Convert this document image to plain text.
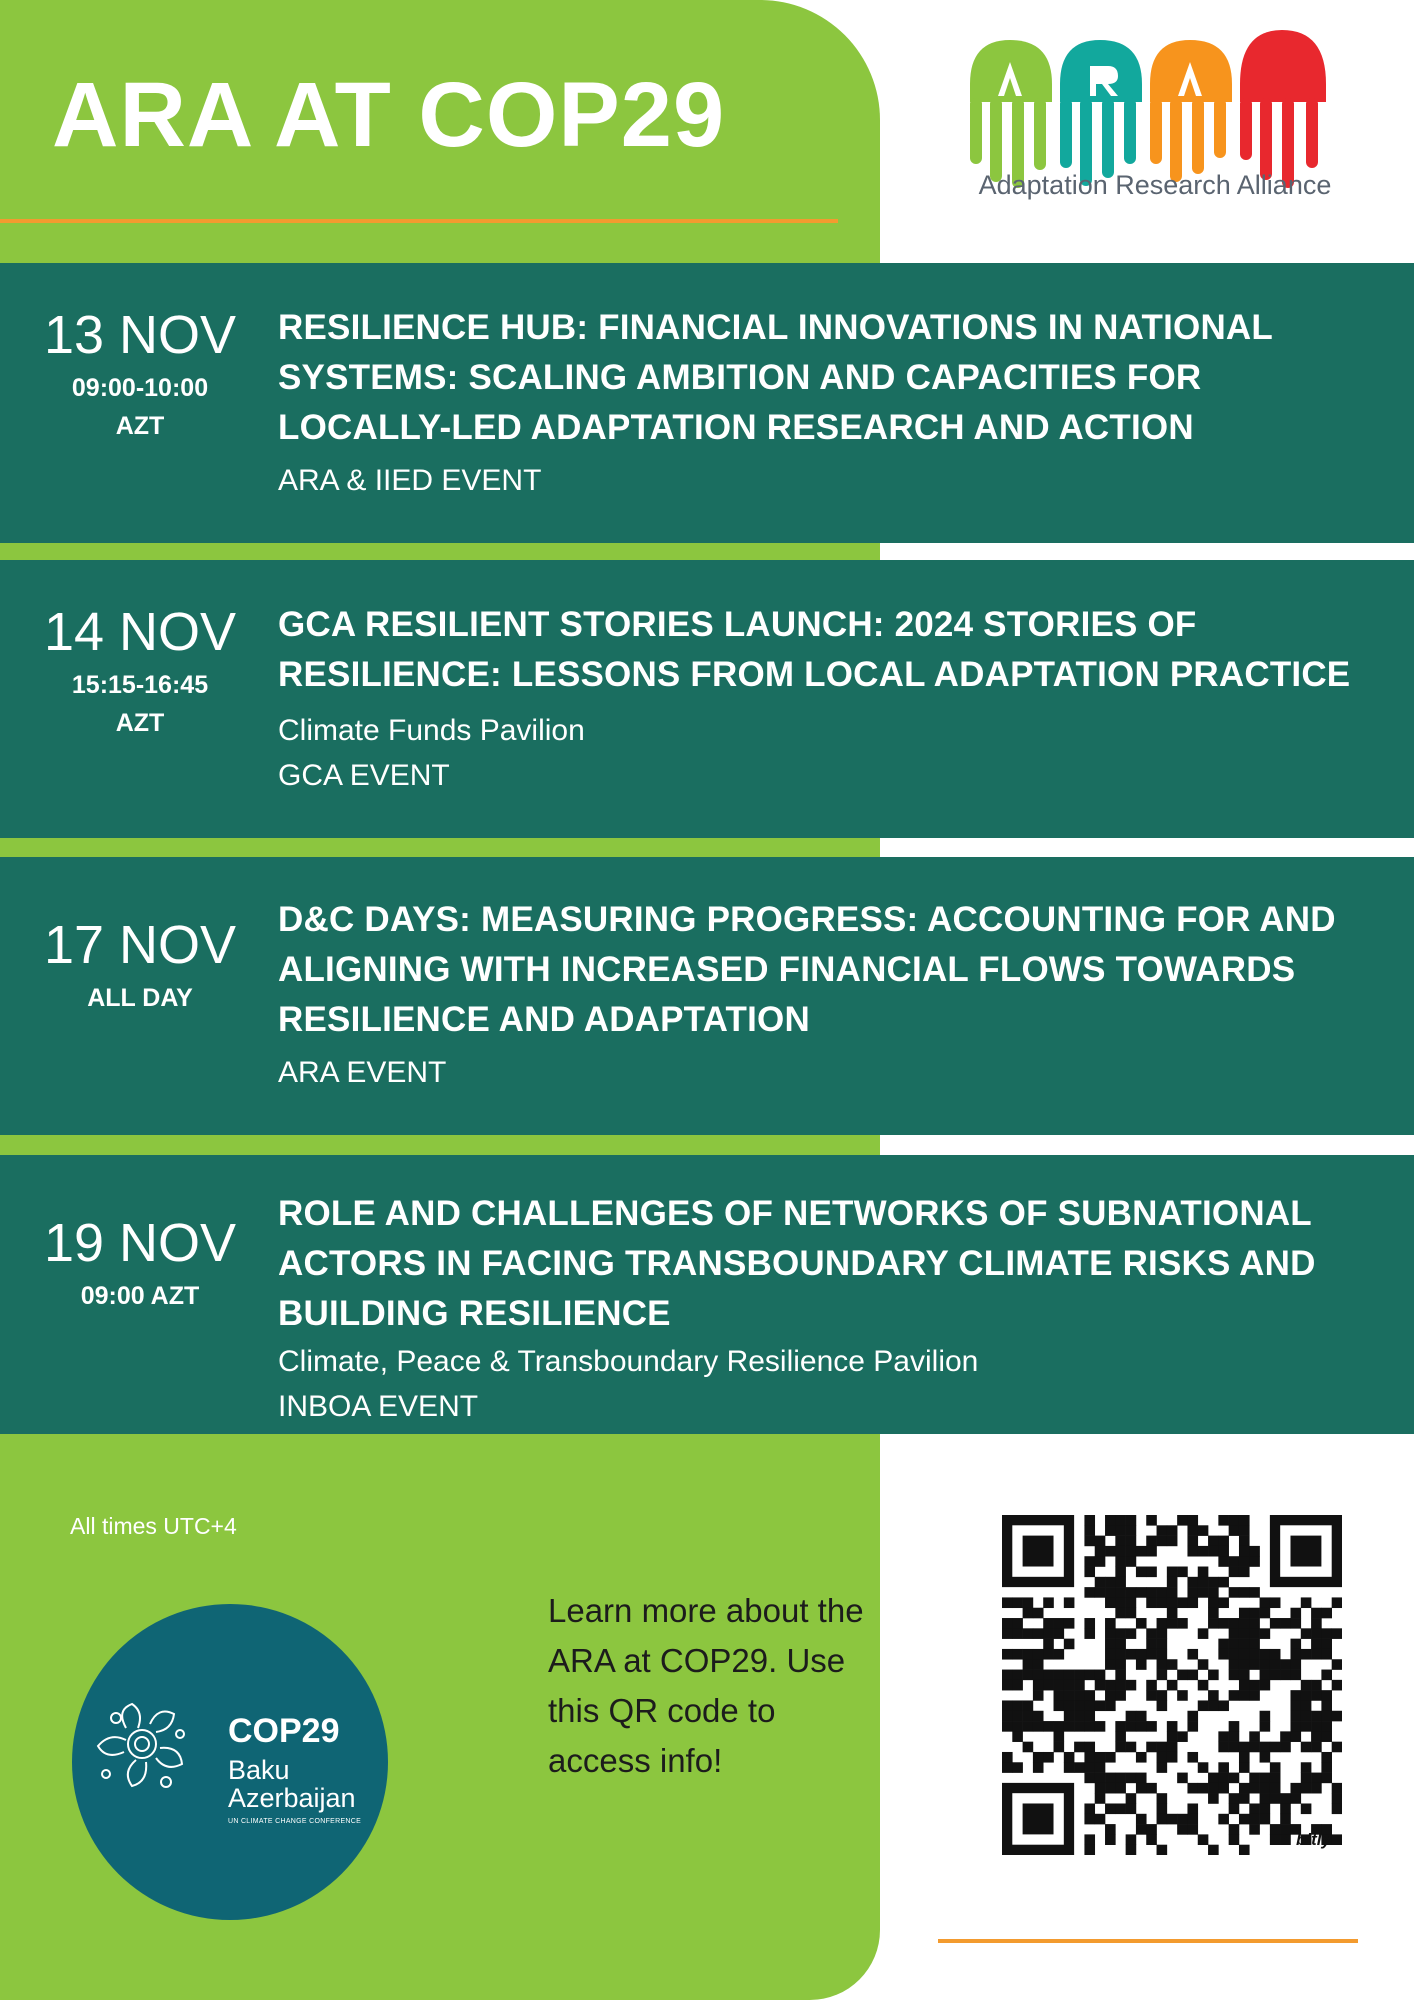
ARA AT COP29
Adaptation Research Alliance
13 NOV
09:00-10:00
AZT
RESILIENCE HUB: FINANCIAL INNOVATIONS IN NATIONAL SYSTEMS: SCALING AMBITION AND CAPACITIES FOR LOCALLY-LED ADAPTATION RESEARCH AND ACTION
ARA & IIED EVENT
14 NOV
15:15-16:45
AZT
GCA RESILIENT STORIES LAUNCH: 2024 STORIES OF RESILIENCE: LESSONS FROM LOCAL ADAPTATION PRACTICE
Climate Funds Pavilion
GCA EVENT
17 NOV
ALL DAY
D&C DAYS: MEASURING PROGRESS: ACCOUNTING FOR AND ALIGNING WITH INCREASED FINANCIAL FLOWS TOWARDS RESILIENCE AND ADAPTATION
ARA EVENT
19 NOV
09:00 AZT
ROLE AND CHALLENGES OF NETWORKS OF SUBNATIONAL ACTORS IN FACING TRANSBOUNDARY CLIMATE RISKS AND BUILDING RESILIENCE
Climate, Peace & Transboundary Resilience Pavilion
INBOA EVENT
All times UTC+4
COP29
Baku
Azerbaijan
UN CLIMATE CHANGE CONFERENCE
Learn more about the ARA at COP29. Use this QR code to access info!
bitly
